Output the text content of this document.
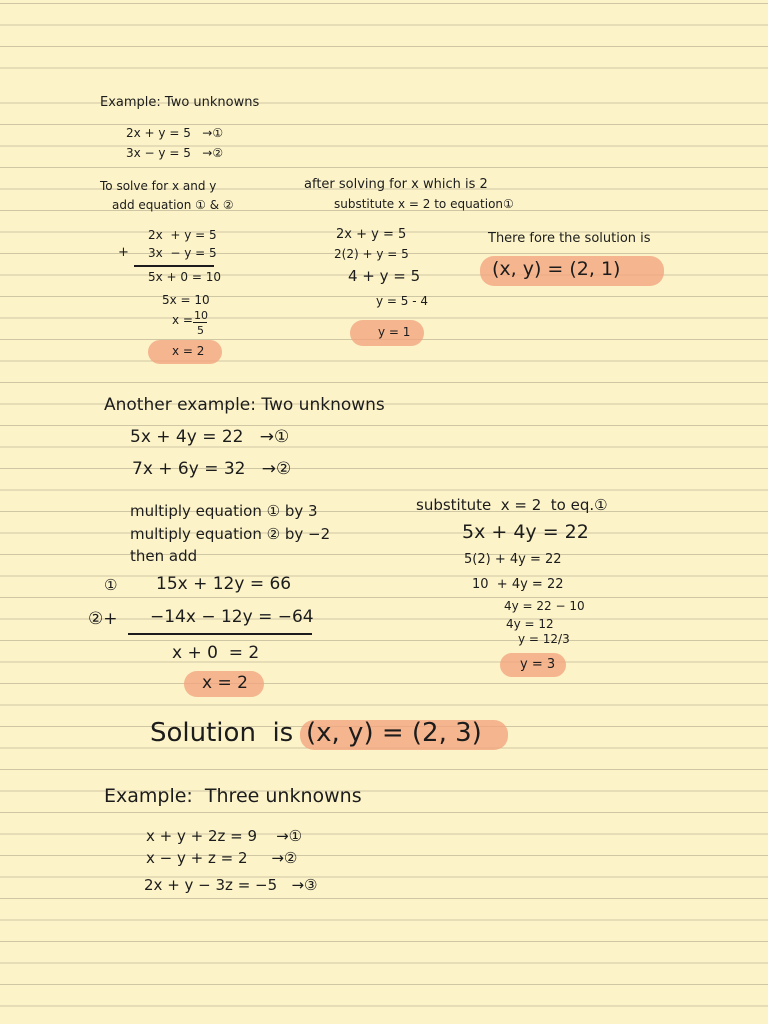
Example: Two unknowns
2x + y = 5   →①
3x − y = 5   →②
To solve for x and y
add equation ① & ②
2x  + y = 5
+ 3x  − y = 5
5x + 0 = 10
5x = 10
x = 10
5
x = 2
after solving for x which is 2
substitute x = 2 to equation①
2x + y = 5
2(2) + y = 5
4 + y = 5
y = 5 - 4
y = 1
There fore the solution is
(x, y) = (2, 1)
Another example: Two unknowns
5x + 4y = 22   →①
7x + 6y = 32   →②
multiply equation ① by 3
multiply equation ② by −2
then add
① 15x + 12y = 66
②+ −14x − 12y = −64
x + 0  = 2
x = 2
substitute  x = 2  to eq.①
5x + 4y = 22
5(2) + 4y = 22
10  + 4y = 22
4y = 22 − 10
4y = 12
y = 12/3
y = 3
Solution  is (x, y) = (2, 3)
Example:  Three unknowns
x + y + 2z = 9    →①
x − y + z = 2     →②
2x + y − 3z = −5   →③
